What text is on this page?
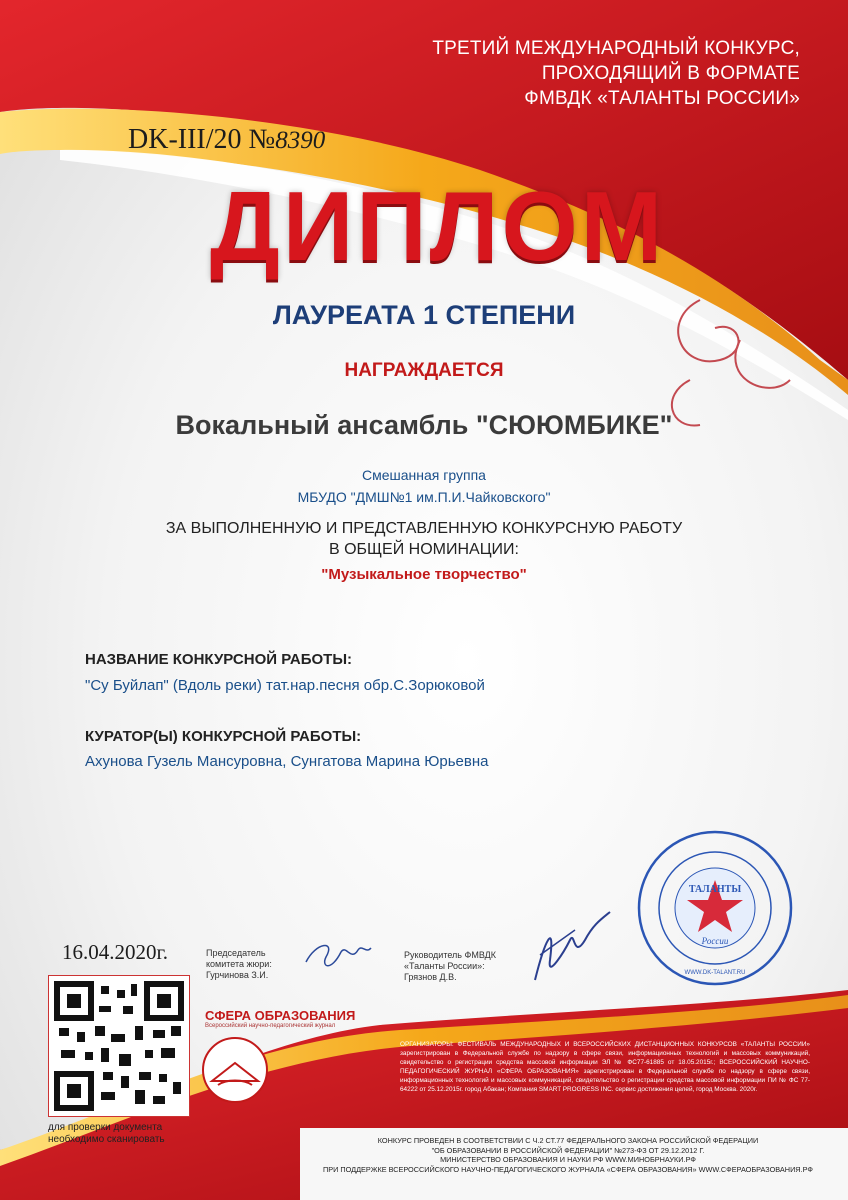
ТРЕТИЙ МЕЖДУНАРОДНЫЙ КОНКУРС,
ПРОХОДЯЩИЙ В ФОРМАТЕ
ФМВДК «ТАЛАНТЫ РОССИИ»
DK-III/20 №8390
ДИПЛОМ
ЛАУРЕАТА 1 СТЕПЕНИ
НАГРАЖДАЕТСЯ
Вокальный ансамбль "СЮЮМБИКЕ"
Смешанная группа
МБУДО "ДМШ№1 им.П.И.Чайковского"
ЗА ВЫПОЛНЕННУЮ И ПРЕДСТАВЛЕННУЮ КОНКУРСНУЮ РАБОТУ
В ОБЩЕЙ НОМИНАЦИИ:
"Музыкальное творчество"
НАЗВАНИЕ КОНКУРСНОЙ РАБОТЫ:
"Су Буйлап" (Вдоль реки) тат.нар.песня обр.С.Зорюковой
КУРАТОР(Ы) КОНКУРСНОЙ РАБОТЫ:
Ахунова Гузель Мансуровна, Сунгатова Марина Юрьевна
16.04.2020г.	Председатель
комитета жюри:
Гурчинова З.И.
Руководитель ФМВДК
«Таланты России»:
Грязнов Д.В.
ТАЛАНТЫ
России
WWW.DK-TALANT.RU
для проверки документа
необходимо сканировать
СФЕРА ОБРАЗОВАНИЯ
Всероссийский научно-педагогический журнал
ОРГАНИЗАТОРЫ: ФЕСТИВАЛЬ МЕЖДУНАРОДНЫХ И ВСЕРОССИЙСКИХ ДИСТАНЦИОННЫХ КОНКУРСОВ «ТАЛАНТЫ РОССИИ» зарегистрирован в Федеральной службе по надзору в сфере связи, информационных технологий и массовых коммуникаций, свидетельство о регистрации средства массовой информации ЭЛ № ФС77-61885 от 18.05.2015г.; ВСЕРОССИЙСКИЙ НАУЧНО-ПЕДАГОГИЧЕСКИЙ ЖУРНАЛ «СФЕРА ОБРАЗОВАНИЯ» зарегистрирован в Федеральной службе по надзору в сфере связи, информационных технологий и массовых коммуникаций, свидетельство о регистрации средства массовой информации ПИ № ФС 77-64222 от 25.12.2015г. город Абакан; Компания SMART PROGRESS INC. сервис достижения целей, город Москва. 2020г.
КОНКУРС ПРОВЕДЕН В СООТВЕТСТВИИ С Ч.2 СТ.77 ФЕДЕРАЛЬНОГО ЗАКОНА РОССИЙСКОЙ ФЕДЕРАЦИИ
"ОБ ОБРАЗОВАНИИ В РОССИЙСКОЙ ФЕДЕРАЦИИ" №273-ФЗ ОТ 29.12.2012 Г.
МИНИСТЕРСТВО ОБРАЗОВАНИЯ И НАУКИ РФ WWW.МИНОБРНАУКИ.РФ
ПРИ ПОДДЕРЖКЕ ВСЕРОССИЙСКОГО НАУЧНО-ПЕДАГОГИЧЕСКОГО ЖУРНАЛА «СФЕРА ОБРАЗОВАНИЯ» WWW.СФЕРАОБРАЗОВАНИЯ.РФ
